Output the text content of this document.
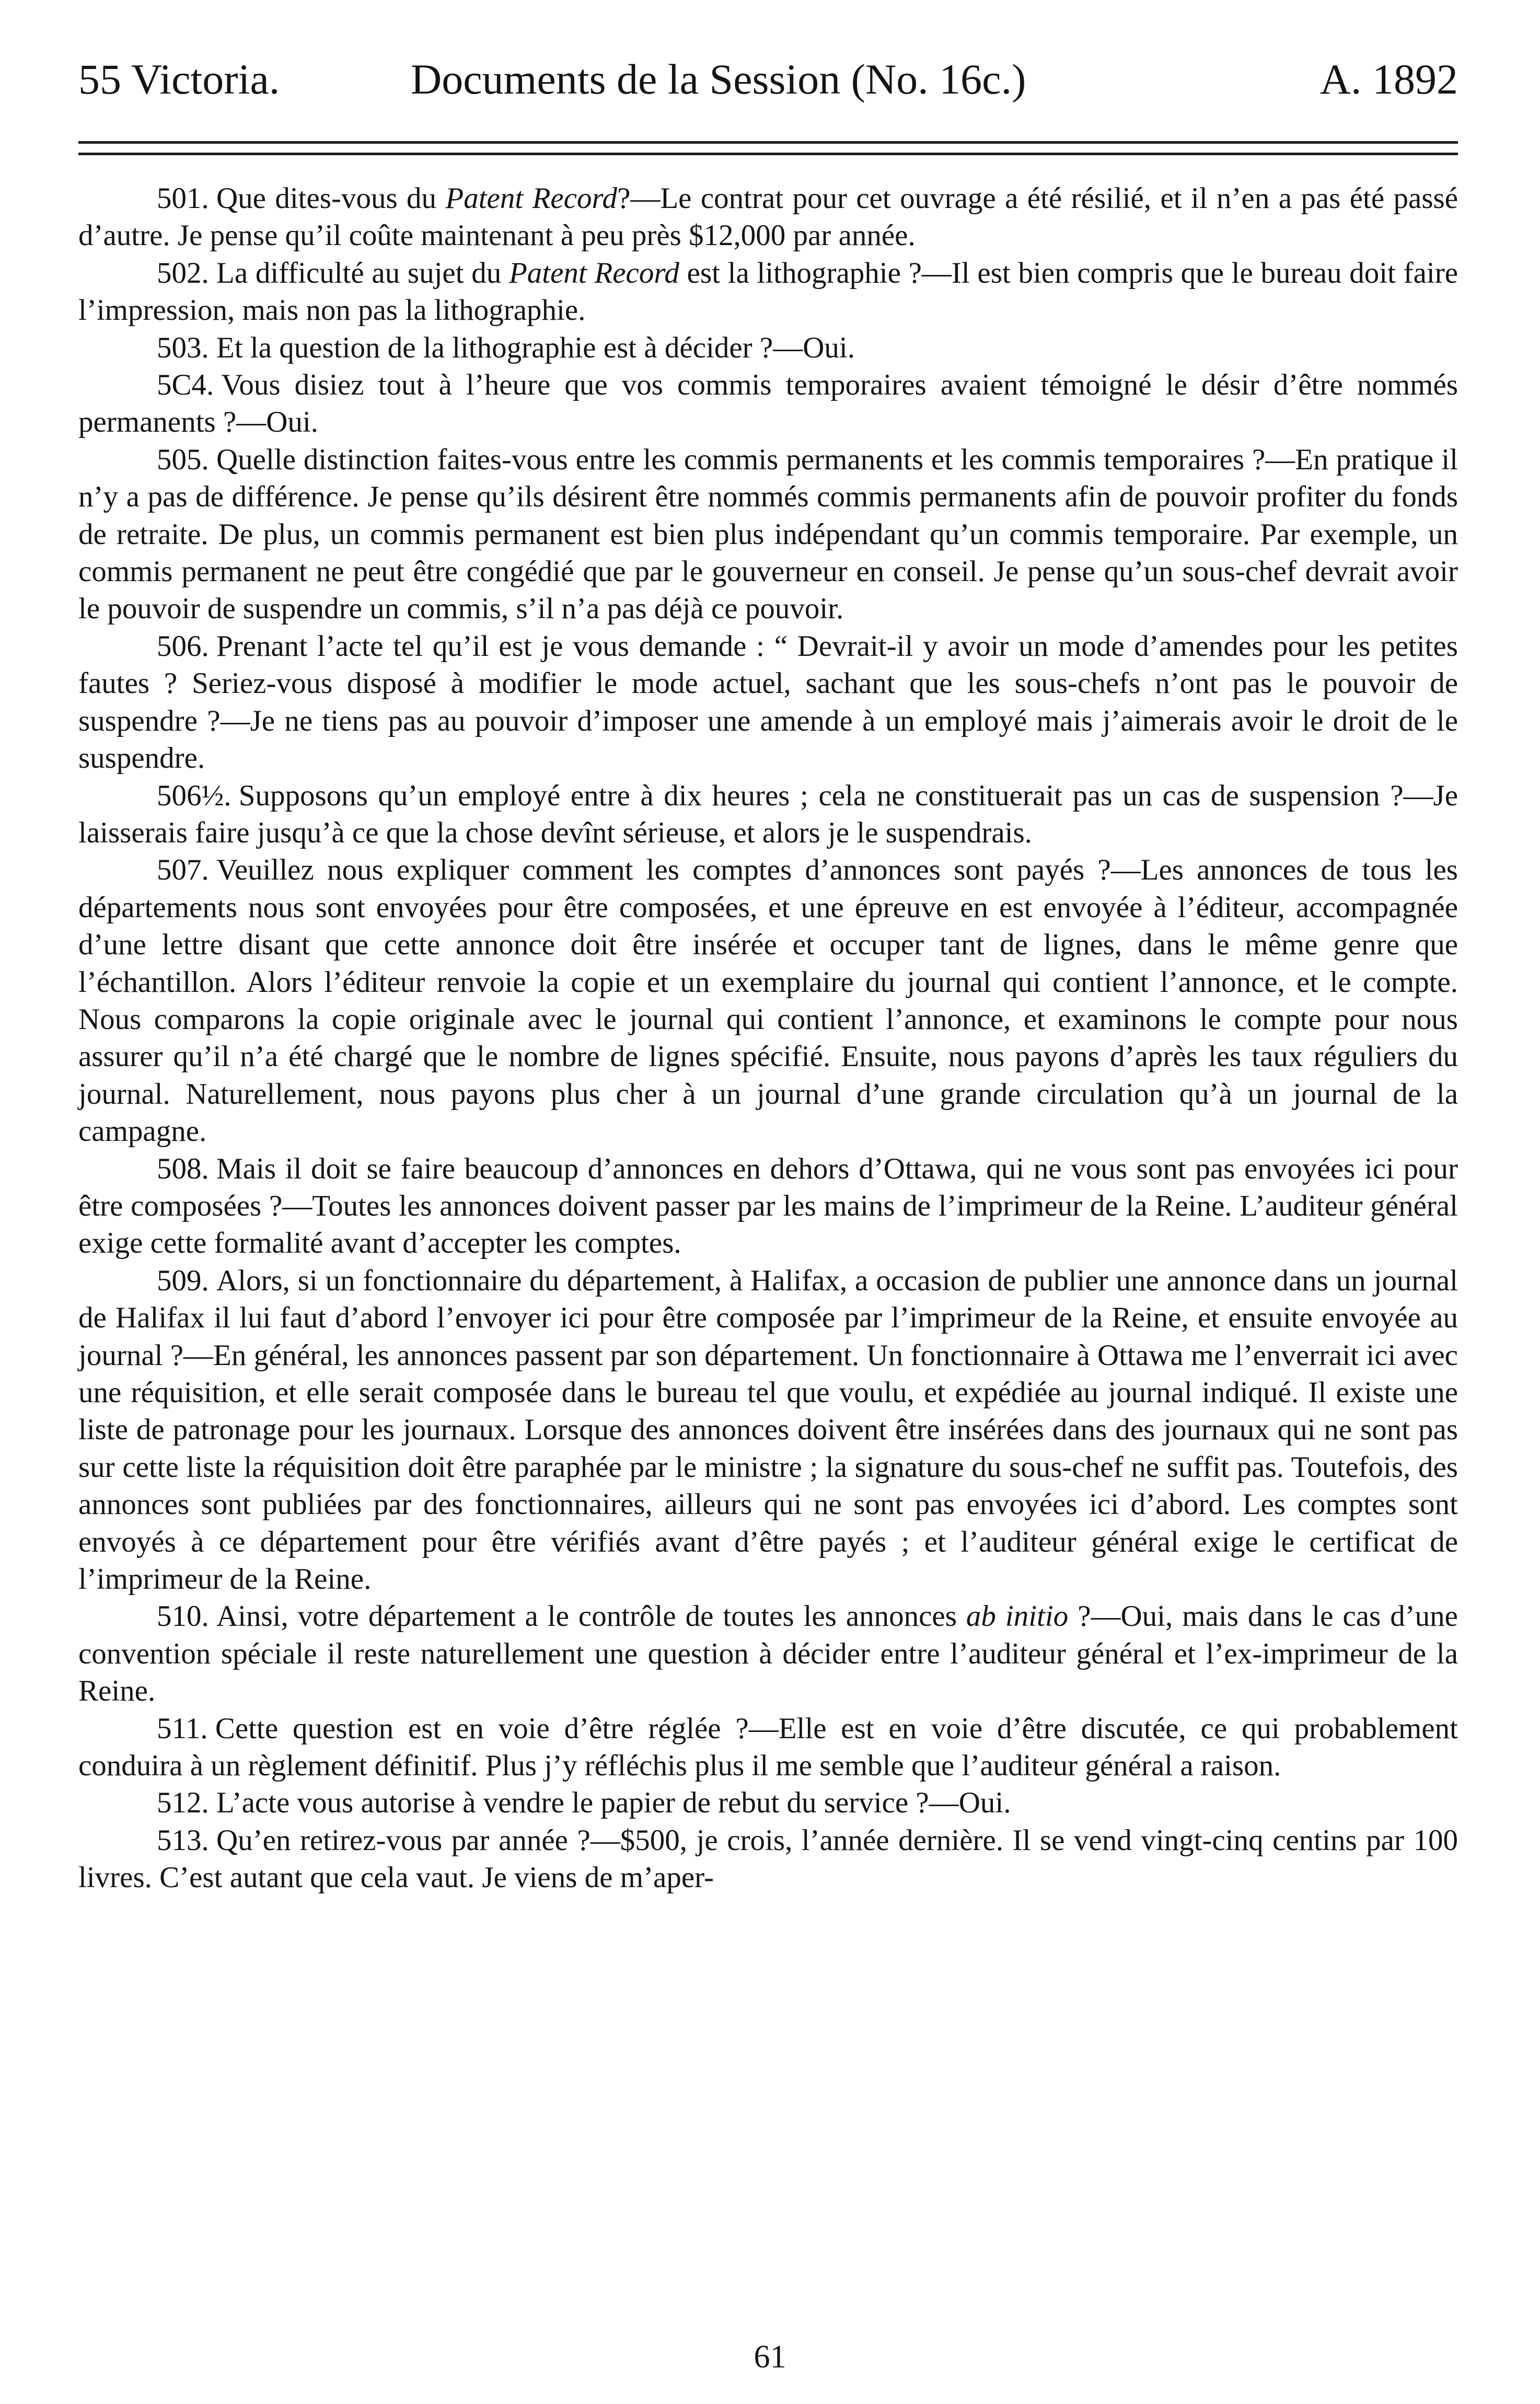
55 Victoria.	Documents de la Session (No. 16c.)	A. 1892

501. Que dites-vous du Patent Record?—Le contrat pour cet ouvrage a été résilié, et il n’en a pas été passé d’autre. Je pense qu’il coûte maintenant à peu près $12,000 par année.

502. La difficulté au sujet du Patent Record est la lithographie ?—Il est bien compris que le bureau doit faire l’impression, mais non pas la lithographie.

503. Et la question de la lithographie est à décider ?—Oui.

5C4. Vous disiez tout à l’heure que vos commis temporaires avaient témoigné le désir d’être nommés permanents ?—Oui.

505. Quelle distinction faites-vous entre les commis permanents et les commis temporaires ?—En pratique il n’y a pas de différence. Je pense qu’ils désirent être nommés commis permanents afin de pouvoir profiter du fonds de retraite. De plus, un commis permanent est bien plus indépendant qu’un commis temporaire. Par exemple, un commis permanent ne peut être congédié que par le gouverneur en conseil. Je pense qu’un sous-chef devrait avoir le pouvoir de suspendre un commis, s’il n’a pas déjà ce pouvoir.

506. Prenant l’acte tel qu’il est je vous demande : “ Devrait-il y avoir un mode d’amendes pour les petites fautes ? Seriez-vous disposé à modifier le mode actuel, sachant que les sous-chefs n’ont pas le pouvoir de suspendre ?—Je ne tiens pas au pouvoir d’imposer une amende à un employé mais j’aimerais avoir le droit de le suspendre.

506½. Supposons qu’un employé entre à dix heures ; cela ne constituerait pas un cas de suspension ?—Je laisserais faire jusqu’à ce que la chose devînt sérieuse, et alors je le suspendrais.

507. Veuillez nous expliquer comment les comptes d’annonces sont payés ?—Les annonces de tous les départements nous sont envoyées pour être composées, et une épreuve en est envoyée à l’éditeur, accompagnée d’une lettre disant que cette annonce doit être insérée et occuper tant de lignes, dans le même genre que l’échantillon. Alors l’éditeur renvoie la copie et un exemplaire du journal qui contient l’annonce, et le compte. Nous comparons la copie originale avec le journal qui contient l’annonce, et examinons le compte pour nous assurer qu’il n’a été chargé que le nombre de lignes spécifié. Ensuite, nous payons d’après les taux réguliers du journal. Naturellement, nous payons plus cher à un journal d’une grande circulation qu’à un journal de la campagne.

508. Mais il doit se faire beaucoup d’annonces en dehors d’Ottawa, qui ne vous sont pas envoyées ici pour être composées ?—Toutes les annonces doivent passer par les mains de l’imprimeur de la Reine. L’auditeur général exige cette formalité avant d’accepter les comptes.

509. Alors, si un fonctionnaire du département, à Halifax, a occasion de publier une annonce dans un journal de Halifax il lui faut d’abord l’envoyer ici pour être composée par l’imprimeur de la Reine, et ensuite envoyée au journal ?—En général, les annonces passent par son département. Un fonctionnaire à Ottawa me l’enverrait ici avec une réquisition, et elle serait composée dans le bureau tel que voulu, et expédiée au journal indiqué. Il existe une liste de patronage pour les journaux. Lorsque des annonces doivent être insérées dans des journaux qui ne sont pas sur cette liste la réquisition doit être paraphée par le ministre ; la signature du sous-chef ne suffit pas. Toutefois, des annonces sont publiées par des fonctionnaires, ailleurs qui ne sont pas envoyées ici d’abord. Les comptes sont envoyés à ce département pour être vérifiés avant d’être payés ; et l’auditeur général exige le certificat de l’imprimeur de la Reine.

510. Ainsi, votre département a le contrôle de toutes les annonces ab initio ?—Oui, mais dans le cas d’une convention spéciale il reste naturellement une question à décider entre l’auditeur général et l’ex-imprimeur de la Reine.

511. Cette question est en voie d’être réglée ?—Elle est en voie d’être discutée, ce qui probablement conduira à un règlement définitif. Plus j’y réfléchis plus il me semble que l’auditeur général a raison.

512. L’acte vous autorise à vendre le papier de rebut du service ?—Oui.

513. Qu’en retirez-vous par année ?—$500, je crois, l’année dernière. Il se vend vingt-cinq centins par 100 livres. C’est autant que cela vaut. Je viens de m’aper-

61
